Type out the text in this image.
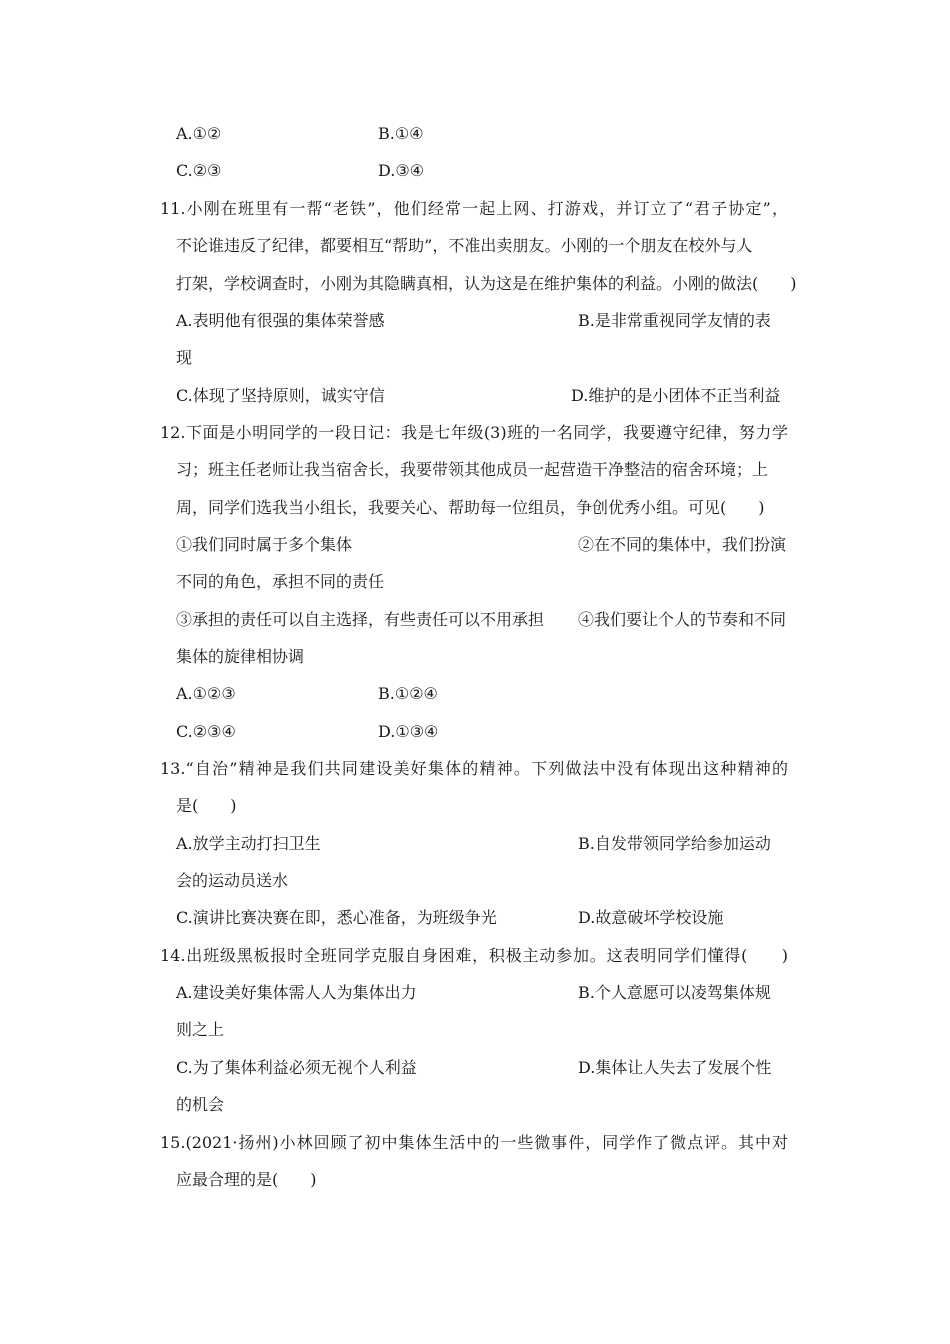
A.①②	B.①④
C.②③	D.③④
11.小刚在班里有一帮“老铁”，他们经常一起上网、打游戏，并订立了“君子协定”，
不论谁违反了纪律，都要相互“帮助”，不准出卖朋友。小刚的一个朋友在校外与人
打架，学校调查时，小刚为其隐瞒真相，认为这是在维护集体的利益。小刚的做法(　　)
A.表明他有很强的集体荣誉感	B.是非常重视同学友情的表
现
C.体现了坚持原则，诚实守信	D.维护的是小团体不正当利益
12.下面是小明同学的一段日记：我是七年级(3)班的一名同学，我要遵守纪律，努力学
习；班主任老师让我当宿舍长，我要带领其他成员一起营造干净整洁的宿舍环境；上
周，同学们选我当小组长，我要关心、帮助每一位组员，争创优秀小组。可见(　　)
①我们同时属于多个集体	②在不同的集体中，我们扮演
不同的角色，承担不同的责任
③承担的责任可以自主选择，有些责任可以不用承担 ④我们要让个人的节奏和不同
集体的旋律相协调
A.①②③	B.①②④
C.②③④	D.①③④
13.“自治”精神是我们共同建设美好集体的精神。下列做法中没有体现出这种精神的
是(　　)
A.放学主动打扫卫生	B.自发带领同学给参加运动
会的运动员送水
C.演讲比赛决赛在即，悉心准备，为班级争光	D.故意破坏学校设施
14.出班级黑板报时全班同学克服自身困难，积极主动参加。这表明同学们懂得(　　)
A.建设美好集体需人人为集体出力	B.个人意愿可以凌驾集体规
则之上
C.为了集体利益必须无视个人利益	D.集体让人失去了发展个性
的机会
15.(2021·扬州)小林回顾了初中集体生活中的一些微事件，同学作了微点评。其中对
应最合理的是(　　)
